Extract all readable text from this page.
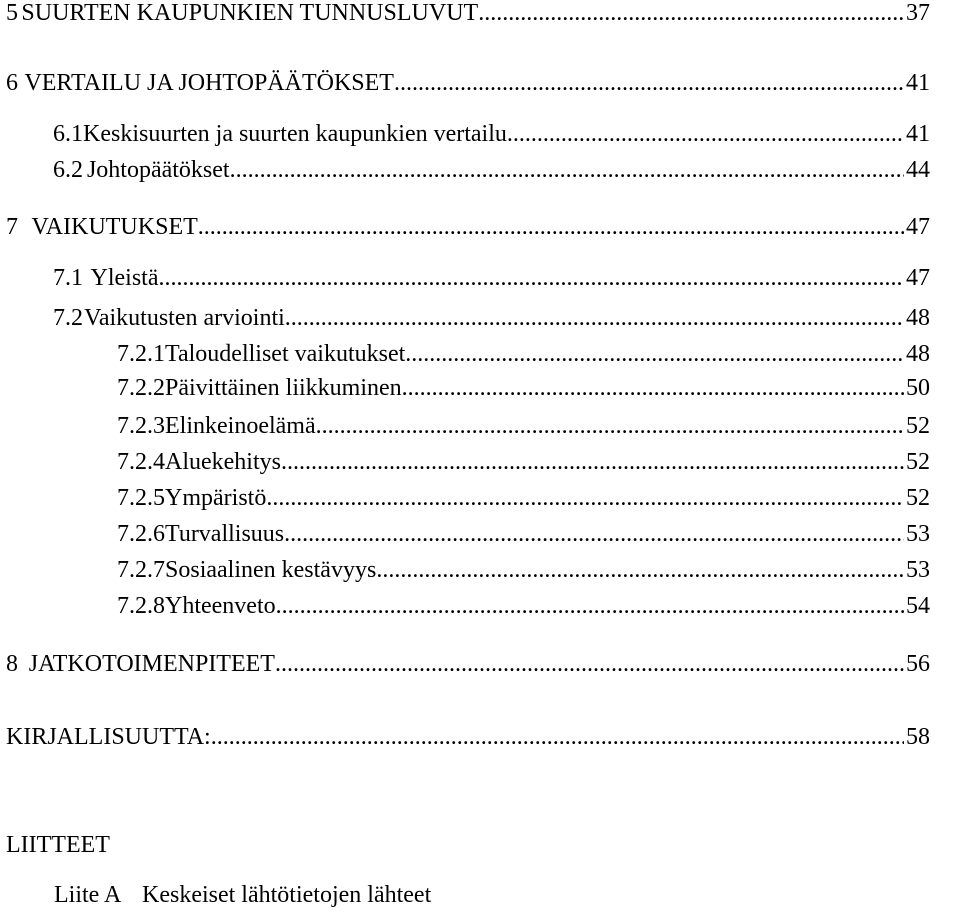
5 SUURTEN KAUPUNKIEN TUNNUSLUVUT .....	37
6 VERTAILU JA JOHTOPÄÄTÖKSET .....	41
6.1 Keskisuurten ja suurten kaupunkien vertailu .....	41
6.2 Johtopäätökset .....	44
7 VAIKUTUKSET .....	47
7.1 Yleistä .....	47
7.2 Vaikutusten arviointi .....	48
7.2.1 Taloudelliset vaikutukset .....	48
7.2.2 Päivittäinen liikkuminen .....	50
7.2.3 Elinkeinoelämä .....	52
7.2.4 Aluekehitys .....	52
7.2.5 Ympäristö .....	52
7.2.6 Turvallisuus .....	53
7.2.7 Sosiaalinen kestävyys .....	53
7.2.8 Yhteenveto .....	54
8 JATKOTOIMENPITEET .....	56
KIRJALLISUUTTA: .....	58
LIITTEET
Liite A Keskeiset lähtötietojen lähteet
